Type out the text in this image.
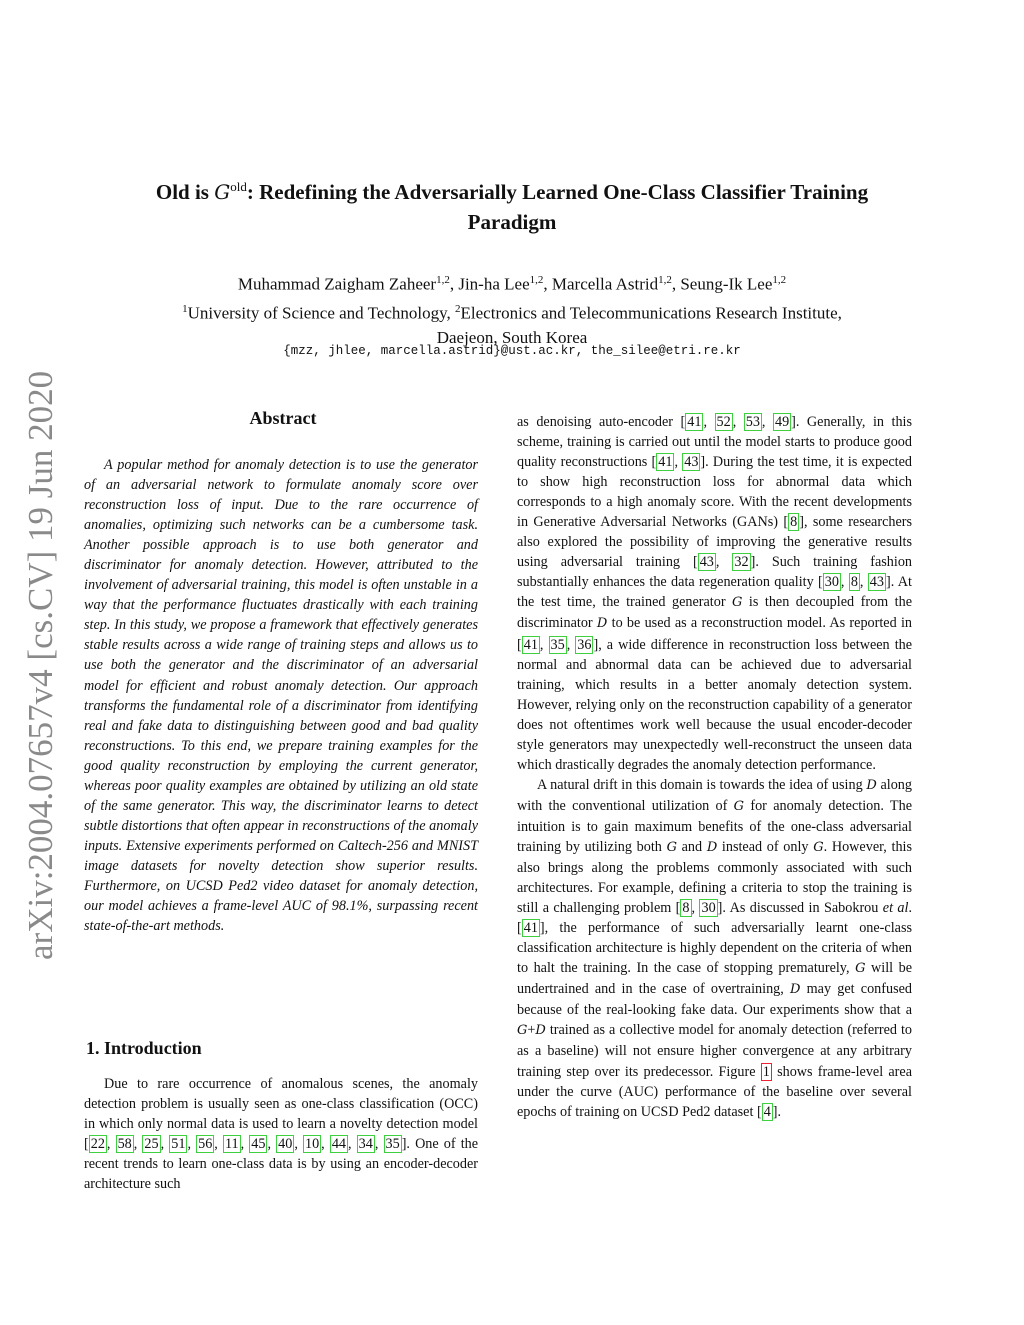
arXiv:2004.07657v4 [cs.CV] 19 Jun 2020
Old is $G^{old}$: Redefining the Adversarially Learned One-Class Classifier Training
Paradigm
Muhammad Zaigham Zaheer$^{1,2}$, Jin-ha Lee$^{1,2}$, Marcella Astrid$^{1,2}$, Seung-Ik Lee$^{1,2}$
$^1$University of Science and Technology, $^2$Electronics and Telecommunications Research Institute,
Daejeon, South Korea
{mzz, jhlee, marcella.astrid}@ust.ac.kr, the_silee@etri.re.kr
Abstract

A popular method for anomaly detection is to use the generator of an adversarial network to formulate anomaly score over reconstruction loss of input. Due to the rare occurrence of anomalies, optimizing such networks can be a cumbersome task. Another possible approach is to use both generator and discriminator for anomaly detection. However, attributed to the involvement of adversarial training, this model is often unstable in a way that the performance fluctuates drastically with each training step. In this study, we propose a framework that effectively generates stable results across a wide range of training steps and allows us to use both the generator and the discriminator of an adversarial model for efficient and robust anomaly detection. Our approach transforms the fundamental role of a discriminator from identifying real and fake data to distinguishing between good and bad quality reconstructions. To this end, we prepare training examples for the good quality reconstruction by employing the current generator, whereas poor quality examples are obtained by utilizing an old state of the same generator. This way, the discriminator learns to detect subtle distortions that often appear in reconstructions of the anomaly inputs. Extensive experiments performed on Caltech-256 and MNIST image datasets for novelty detection show superior results. Furthermore, on UCSD Ped2 video dataset for anomaly detection, our model achieves a frame-level AUC of 98.1%, surpassing recent state-of-the-art methods.

1. Introduction

Due to rare occurrence of anomalous scenes, the anomaly detection problem is usually seen as one-class classification (OCC) in which only normal data is used to learn a novelty detection model [ 22 , 58 , 25 , 51 , 56 , 11 , 45 , 40 , 10 , 44 , 34 , 35 ]. One of the recent trends to learn one-class data is by using an encoder-decoder architecture such

as denoising auto-encoder [ 41 , 52 , 53 , 49 ]. Generally, in this scheme, training is carried out until the model starts to produce good quality reconstructions [ 41 , 43 ]. During the test time, it is expected to show high reconstruction loss for abnormal data which corresponds to a high anomaly score. With the recent developments in Generative Adversarial Networks (GANs) [ 8 ], some researchers also explored the possibility of improving the generative results using adversarial training [ 43 , 32 ]. Such training fashion substantially enhances the data regeneration quality [ 30 , 8 , 43 ]. At the test time, the trained generator G is then decoupled from the discriminator D to be used as a reconstruction model. As reported in [ 41 , 35 , 36 ], a wide difference in reconstruction loss between the normal and abnormal data can be achieved due to adversarial training, which results in a better anomaly detection system. However, relying only on the reconstruction capability of a generator does not oftentimes work well because the usual encoder-decoder style generators may unexpectedly well-reconstruct the unseen data which drastically degrades the anomaly detection performance.

A natural drift in this domain is towards the idea of using D along with the conventional utilization of G for anomaly detection. The intuition is to gain maximum benefits of the one-class adversarial training by utilizing both G and D instead of only G. However, this also brings along the problems commonly associated with such architectures. For example, defining a criteria to stop the training is still a challenging problem [ 8 , 30 ]. As discussed in Sabokrou et al. [ 41 ], the performance of such adversarially learnt one-class classification architecture is highly dependent on the criteria of when to halt the training. In the case of stopping prematurely, G will be undertrained and in the case of overtraining, D may get confused because of the real-looking fake data. Our experiments show that a G+D trained as a collective model for anomaly detection (referred to as a baseline) will not ensure higher convergence at any arbitrary training step over its predecessor. Figure 1 shows frame-level area under the curve (AUC) performance of the baseline over several epochs of training on UCSD Ped2 dataset [ 4 ].
